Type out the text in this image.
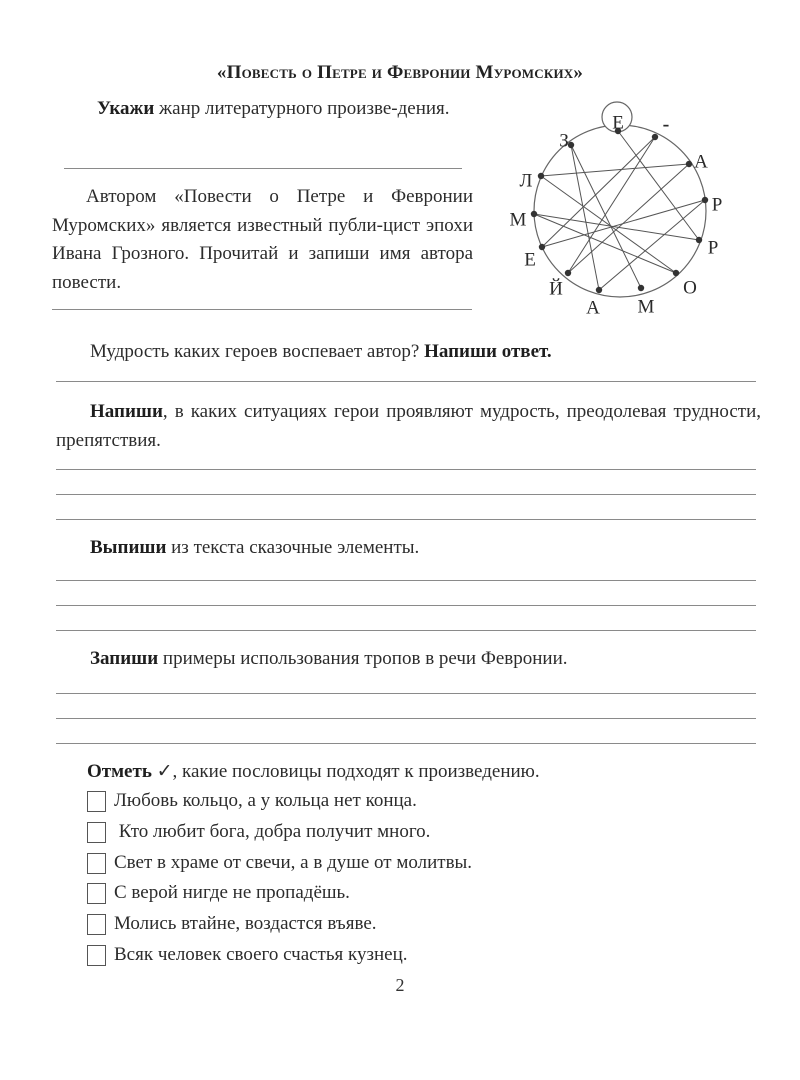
«Повесть о Петре и Февронии Муромских»
Укажи жанр литературного произве-дения.
Автором «Повести о Петре и Февронии Муромских» является известный публи-цист эпохи Ивана Грозного. Прочитай и запиши имя автора повести.
Е -
З
А
Л
Р
М
Р
Е
Й	О
А М
Мудрость каких героев воспевает автор? Напиши ответ.
Напиши, в каких ситуациях герои проявляют мудрость, преодолевая трудности, препятствия.
Выпиши из текста сказочные элементы.
Запиши примеры использования тропов в речи Февронии.
Отметь ✓, какие пословицы подходят к произведению.
Любовь кольцо, а у кольца нет конца.
Кто любит бога, добра получит много.
Свет в храме от свечи, а в душе от молитвы.
С верой нигде не пропадёшь.
Молись втайне, воздастся въяве.
Всяк человек своего счастья кузнец.
2
